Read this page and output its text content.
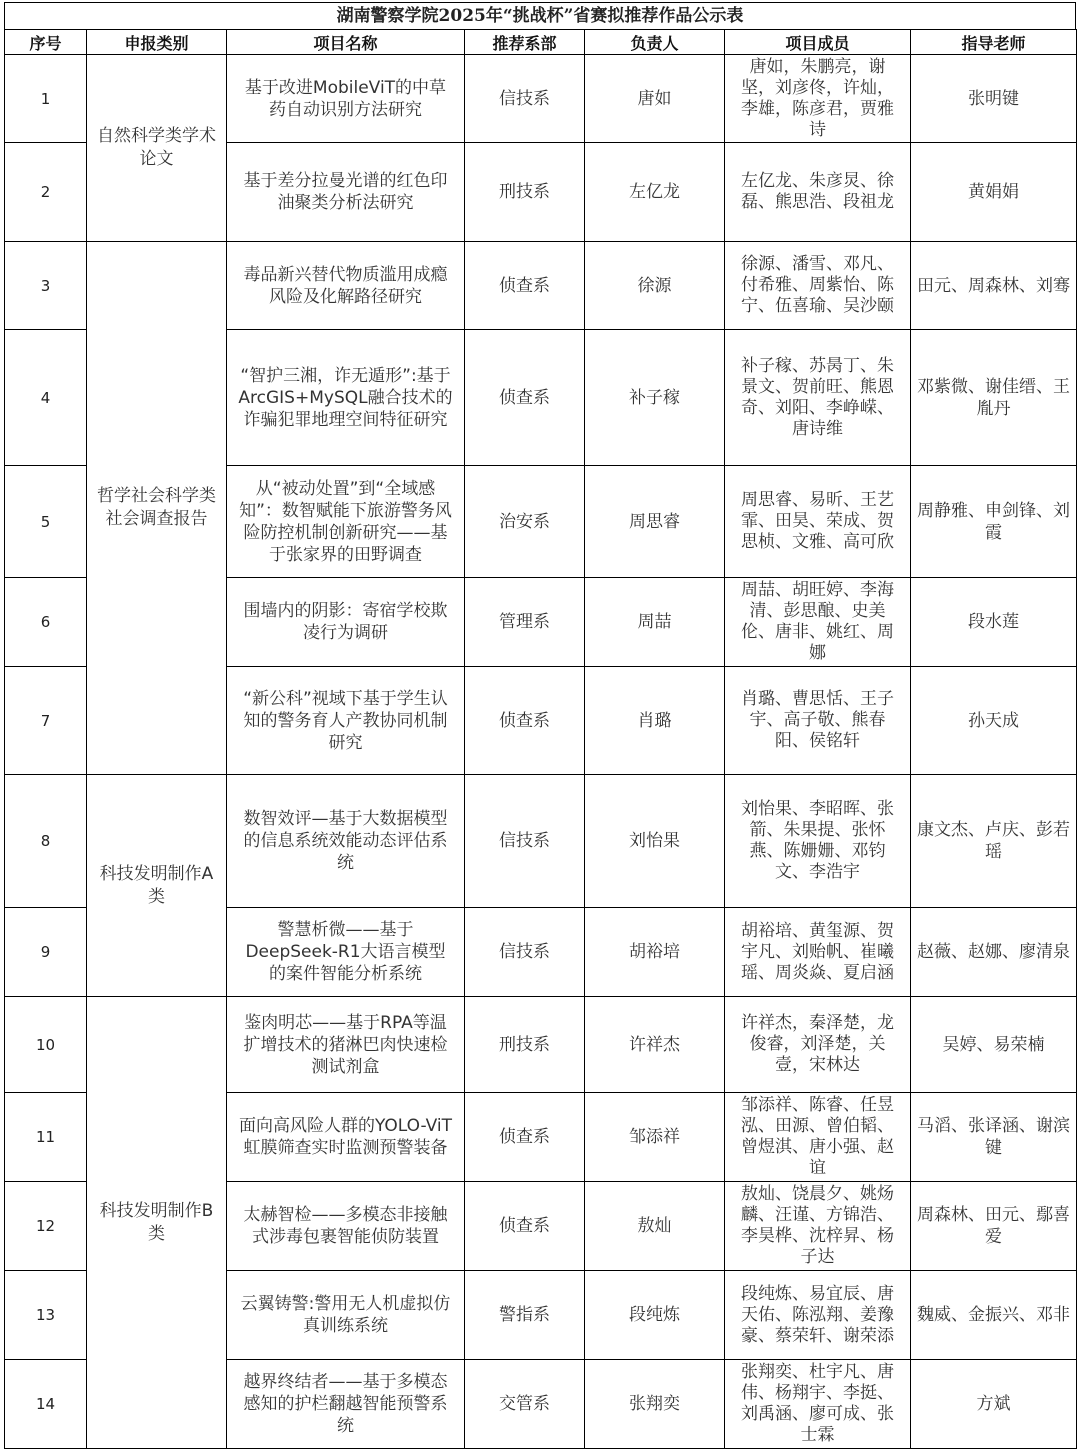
湖南警察学院2025年“挑战杯”省赛拟推荐作品公示表
序号	申报类别	项目名称	推荐系部	负责人	项目成员	指导老师
1	自然科学类学术论文	基于改进MobileViT的中草药自动识别方法研究	信技系	唐如	唐如，朱鹏亮，谢坚，刘彦佟，许灿，李雄，陈彦君，贾雅诗	张明键
2		基于差分拉曼光谱的红色印油聚类分析法研究	刑技系	左亿龙	左亿龙、朱彦炅、徐磊、熊思浩、段祖龙	黄娟娟
3	哲学社会科学类社会调查报告	毒品新兴替代物质滥用成瘾风险及化解路径研究	侦查系	徐源	徐源、潘雪、邓凡、付希雅、周紫怡、陈宁、伍喜瑜、吴沙颐	田元、周森林、刘骞
4		“智护三湘，诈无遁形”:基于ArcGIS+MySQL融合技术的诈骗犯罪地理空间特征研究	侦查系	补子稼	补子稼、苏昺丁、朱景文、贺前旺、熊恩奇、刘阳、李峥嵘、唐诗维	邓紫微、谢佳缙、王胤丹
5		从“被动处置”到“全域感知”：数智赋能下旅游警务风险防控机制创新研究——基于张家界的田野调查	治安系	周思睿	周思睿、易昕、王艺霏、田昊、荣成、贺思桢、文雅、高可欣	周静雅、申剑锋、刘霞
6		围墙内的阴影：寄宿学校欺凌行为调研	管理系	周喆	周喆、胡旺婷、李海清、彭思酿、史美伦、唐非、姚红、周娜	段水莲
7		“新公科”视域下基于学生认知的警务育人产教协同机制研究	侦查系	肖璐	肖璐、曹思恬、王子宇、高子敬、熊春阳、侯铭轩	孙天成
8	科技发明制作A类	数智效评—基于大数据模型的信息系统效能动态评估系统	信技系	刘怡果	刘怡果、李昭晖、张箭、朱果提、张怀燕、陈姗姗、邓钧文、李浩宇	康文杰、卢庆、彭若瑶
9		警慧析微——基于DeepSeek-R1大语言模型的案件智能分析系统	信技系	胡裕培	胡裕培、黄玺源、贺宇凡、刘贻帆、崔曦瑶、周炎焱、夏启涵	赵薇、赵娜、廖清泉
10	科技发明制作B类	鉴肉明芯——基于RPA等温扩增技术的猪淋巴肉快速检测试剂盒	刑技系	许祥杰	许祥杰，秦泽楚，龙俊睿，刘泽楚，关壹，宋林达	吴婷、易荣楠
11		面向高风险人群的YOLO-ViT虹膜筛查实时监测预警装备	侦查系	邹添祥	邹添祥、陈睿、任昱泓、田源、曾伯韬、曾煜淇、唐小强、赵谊	马滔、张译涵、谢滨键
12		太赫智检——多模态非接触式涉毒包裹智能侦防装置	侦查系	敖灿	敖灿、饶晨夕、姚炀麟、汪谨、方锦浩、李昊桦、沈梓昇、杨子达	周森林、田元、鄢喜爱
13		云翼铸警:警用无人机虚拟仿真训练系统	警指系	段纯炼	段纯炼、易宜辰、唐天佑、陈泓翔、姜豫豪、蔡荣轩、谢荣添	魏威、金振兴、邓非
14		越界终结者——基于多模态感知的护栏翻越智能预警系统	交管系	张翔奕	张翔奕、杜宇凡、唐伟、杨翔宇、李挺、刘禹涵、廖可成、张士霖	方斌
